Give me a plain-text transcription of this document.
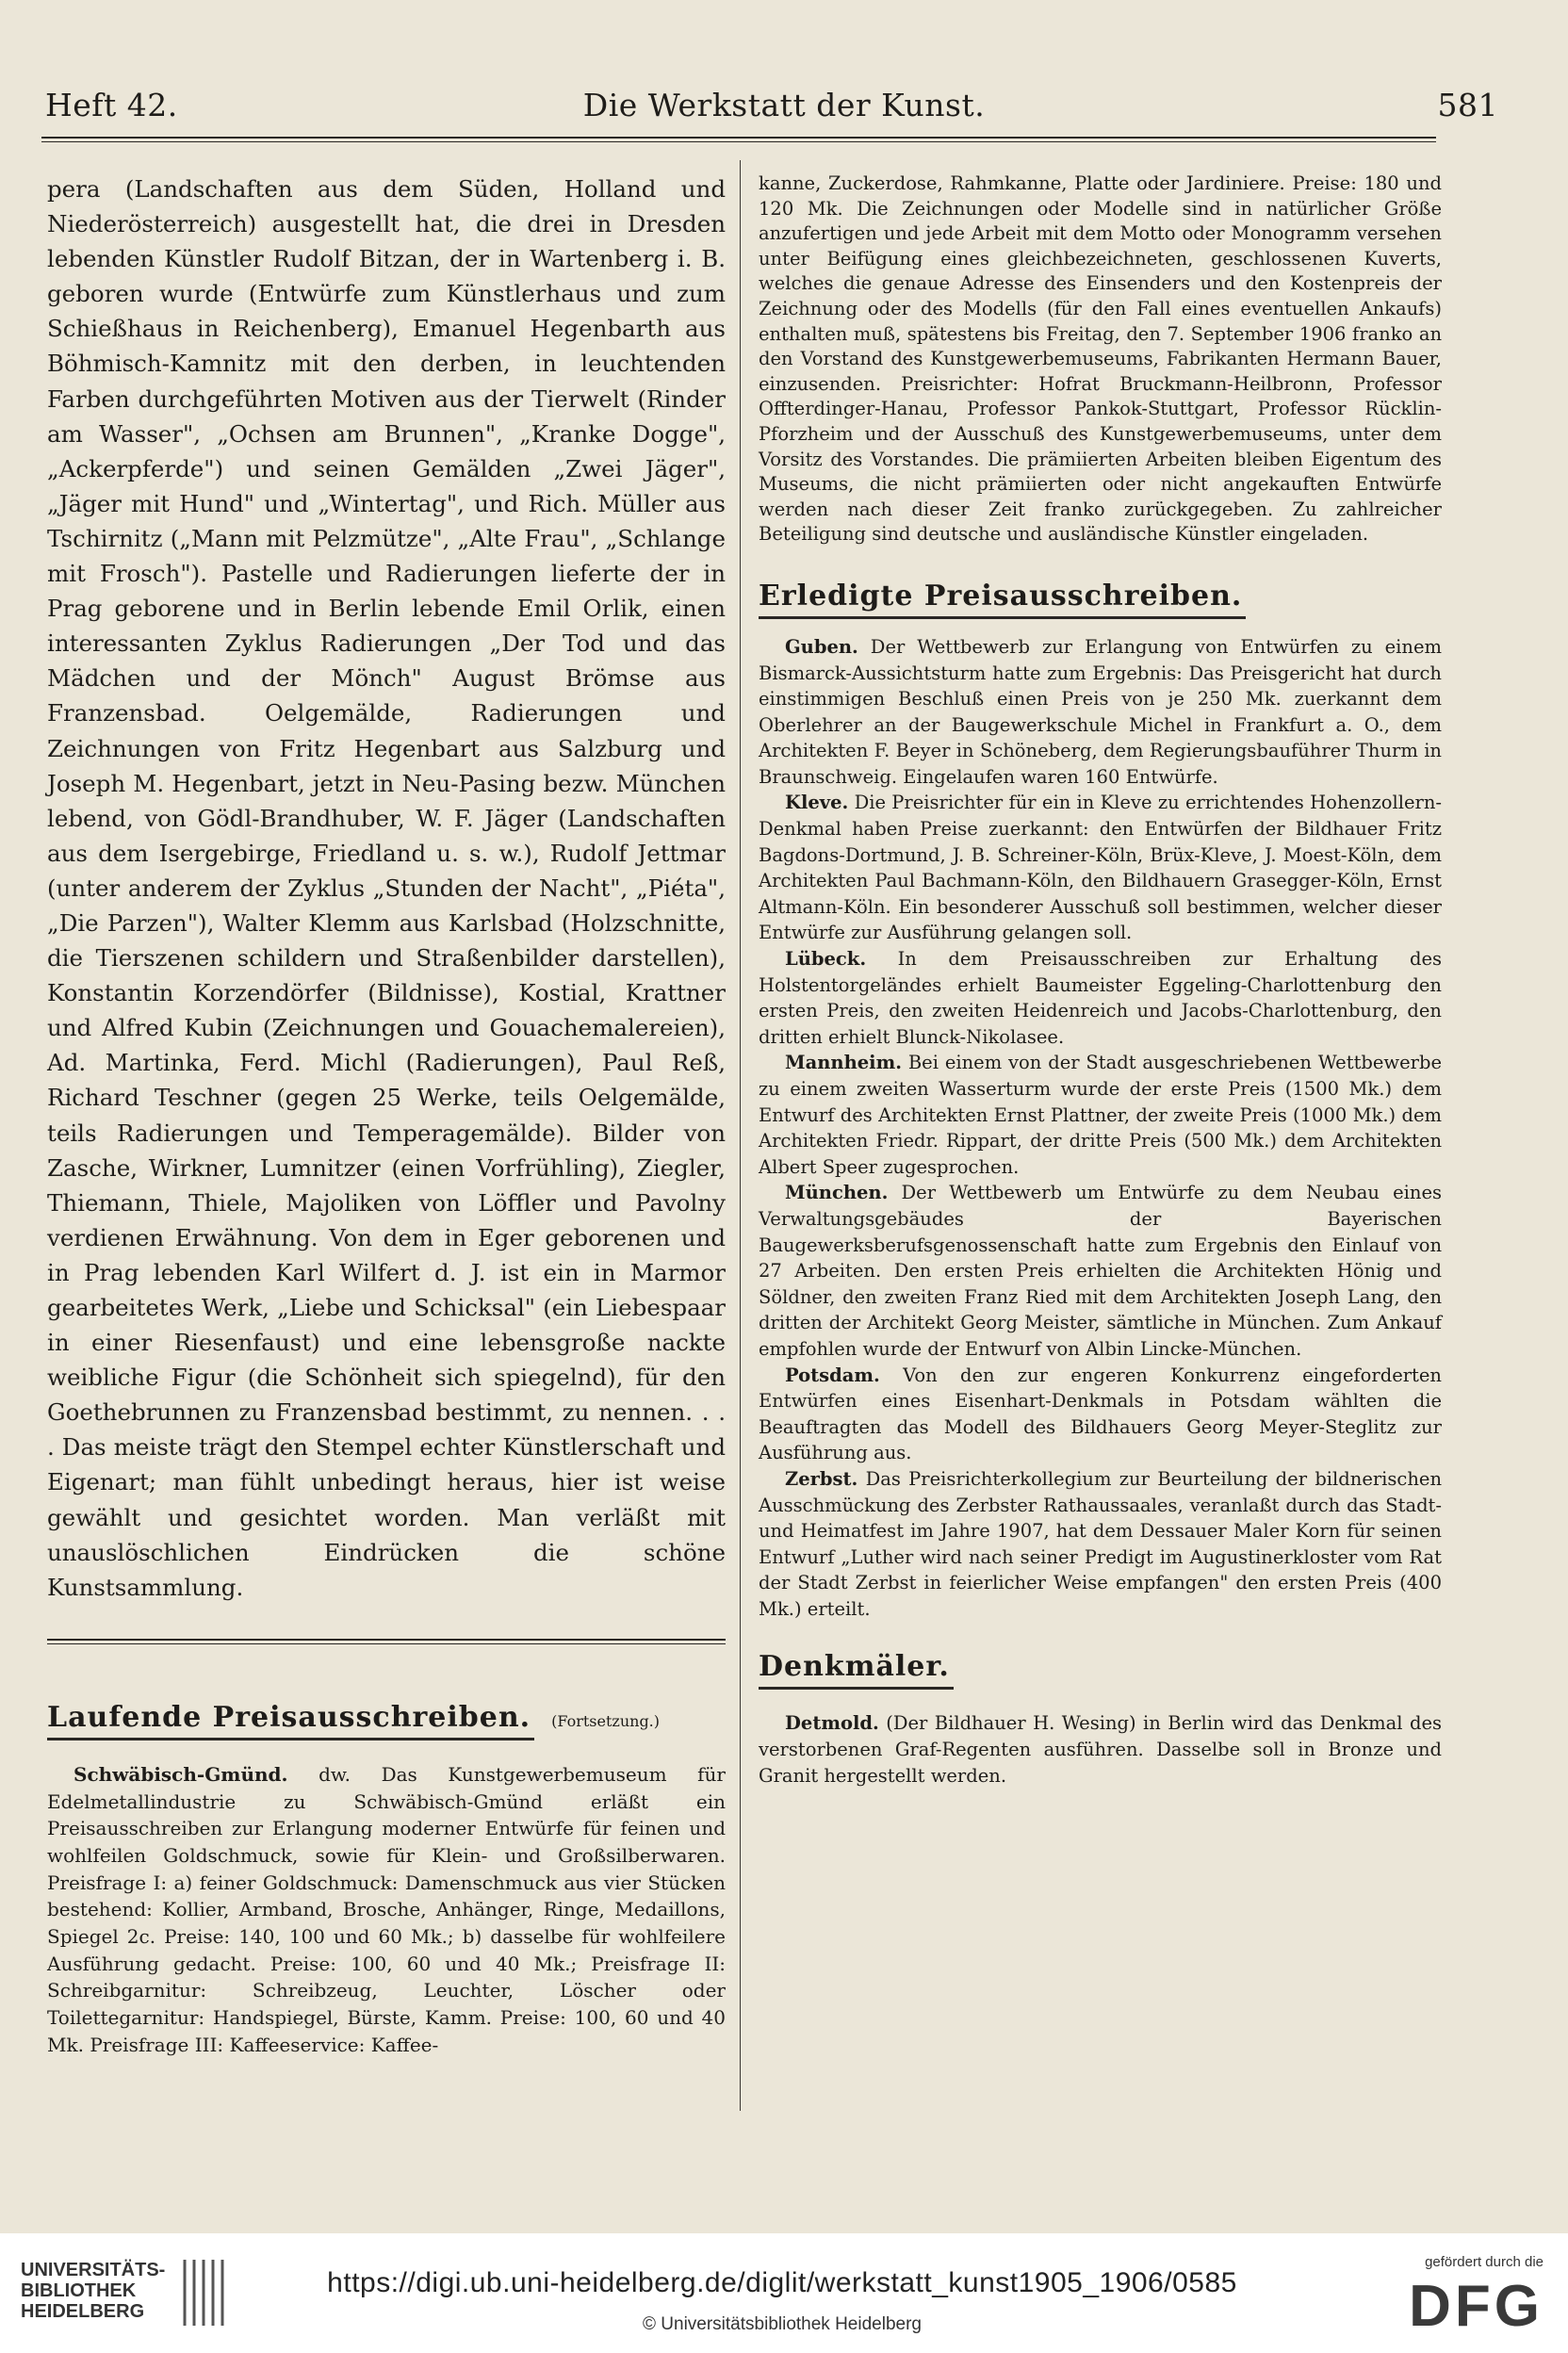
Heft 42.	Die Werkstatt der Kunst.	581

pera (Landschaften aus dem Süden, Holland und Niederösterreich) ausgestellt hat, die drei in Dresden lebenden Künstler Rudolf Bitzan, der in Wartenberg i. B. geboren wurde (Entwürfe zum Künstlerhaus und zum Schießhaus in Reichenberg), Emanuel Hegenbarth aus Böhmisch-Kamnitz mit den derben, in leuchtenden Farben durchgeführten Motiven aus der Tierwelt (Rinder am Wasser", „Ochsen am Brunnen", „Kranke Dogge", „Ackerpferde") und seinen Gemälden „Zwei Jäger", „Jäger mit Hund" und „Wintertag", und Rich. Müller aus Tschirnitz („Mann mit Pelzmütze", „Alte Frau", „Schlange mit Frosch"). Pastelle und Radierungen lieferte der in Prag geborene und in Berlin lebende Emil Orlik, einen interessanten Zyklus Radierungen „Der Tod und das Mädchen und der Mönch" August Brömse aus Franzensbad. Oelgemälde, Radierungen und Zeichnungen von Fritz Hegenbart aus Salzburg und Joseph M. Hegenbart, jetzt in Neu-Pasing bezw. München lebend, von Gödl-Brandhuber, W. F. Jäger (Landschaften aus dem Isergebirge, Friedland u. s. w.), Rudolf Jettmar (unter anderem der Zyklus „Stunden der Nacht", „Piéta", „Die Parzen"), Walter Klemm aus Karlsbad (Holzschnitte, die Tierszenen schildern und Straßenbilder darstellen), Konstantin Korzendörfer (Bildnisse), Kostial, Krattner und Alfred Kubin (Zeichnungen und Gouachemalereien), Ad. Martinka, Ferd. Michl (Radierungen), Paul Reß, Richard Teschner (gegen 25 Werke, teils Oelgemälde, teils Radierungen und Temperagemälde). Bilder von Zasche, Wirkner, Lumnitzer (einen Vorfrühling), Ziegler, Thiemann, Thiele, Majoliken von Löffler und Pavolny verdienen Erwähnung. Von dem in Eger geborenen und in Prag lebenden Karl Wilfert d. J. ist ein in Marmor gearbeitetes Werk, „Liebe und Schicksal" (ein Liebespaar in einer Riesenfaust) und eine lebensgroße nackte weibliche Figur (die Schönheit sich spiegelnd), für den Goethebrunnen zu Franzensbad bestimmt, zu nennen. . . . Das meiste trägt den Stempel echter Künstlerschaft und Eigenart; man fühlt unbedingt heraus, hier ist weise gewählt und gesichtet worden. Man verläßt mit unauslöschlichen Eindrücken die schöne Kunstsammlung.

Laufende Preisausschreiben. (Fortsetzung.)

Schwäbisch-Gmünd. dw. Das Kunstgewerbemuseum für Edelmetallindustrie zu Schwäbisch-Gmünd erläßt ein Preisausschreiben zur Erlangung moderner Entwürfe für feinen und wohlfeilen Goldschmuck, sowie für Klein- und Großsilberwaren. Preisfrage I: a) feiner Goldschmuck: Damenschmuck aus vier Stücken bestehend: Kollier, Armband, Brosche, Anhänger, Ringe, Medaillons, Spiegel 2c. Preise: 140, 100 und 60 Mk.; b) dasselbe für wohlfeilere Ausführung gedacht. Preise: 100, 60 und 40 Mk.; Preisfrage II: Schreibgarnitur: Schreibzeug, Leuchter, Löscher oder Toilettegarnitur: Handspiegel, Bürste, Kamm. Preise: 100, 60 und 40 Mk. Preisfrage III: Kaffeeservice: Kaffee-

kanne, Zuckerdose, Rahmkanne, Platte oder Jardiniere. Preise: 180 und 120 Mk. Die Zeichnungen oder Modelle sind in natürlicher Größe anzufertigen und jede Arbeit mit dem Motto oder Monogramm versehen unter Beifügung eines gleichbezeichneten, geschlossenen Kuverts, welches die genaue Adresse des Einsenders und den Kostenpreis der Zeichnung oder des Modells (für den Fall eines eventuellen Ankaufs) enthalten muß, spätestens bis Freitag, den 7. September 1906 franko an den Vorstand des Kunstgewerbemuseums, Fabrikanten Hermann Bauer, einzusenden. Preisrichter: Hofrat Bruckmann-Heilbronn, Professor Offterdinger-Hanau, Professor Pankok-Stuttgart, Professor Rücklin-Pforzheim und der Ausschuß des Kunstgewerbemuseums, unter dem Vorsitz des Vorstandes. Die prämiierten Arbeiten bleiben Eigentum des Museums, die nicht prämiierten oder nicht angekauften Entwürfe werden nach dieser Zeit franko zurückgegeben. Zu zahlreicher Beteiligung sind deutsche und ausländische Künstler eingeladen.

Erledigte Preisausschreiben.

Guben. Der Wettbewerb zur Erlangung von Entwürfen zu einem Bismarck-Aussichtsturm hatte zum Ergebnis: Das Preisgericht hat durch einstimmigen Beschluß einen Preis von je 250 Mk. zuerkannt dem Oberlehrer an der Baugewerkschule Michel in Frankfurt a. O., dem Architekten F. Beyer in Schöneberg, dem Regierungsbauführer Thurm in Braunschweig. Eingelaufen waren 160 Entwürfe.

Kleve. Die Preisrichter für ein in Kleve zu errichtendes Hohenzollern-Denkmal haben Preise zuerkannt: den Entwürfen der Bildhauer Fritz Bagdons-Dortmund, J. B. Schreiner-Köln, Brüx-Kleve, J. Moest-Köln, dem Architekten Paul Bachmann-Köln, den Bildhauern Grasegger-Köln, Ernst Altmann-Köln. Ein besonderer Ausschuß soll bestimmen, welcher dieser Entwürfe zur Ausführung gelangen soll.

Lübeck. In dem Preisausschreiben zur Erhaltung des Holstentorgeländes erhielt Baumeister Eggeling-Charlottenburg den ersten Preis, den zweiten Heidenreich und Jacobs-Charlottenburg, den dritten erhielt Blunck-Nikolasee.

Mannheim. Bei einem von der Stadt ausgeschriebenen Wettbewerbe zu einem zweiten Wasserturm wurde der erste Preis (1500 Mk.) dem Entwurf des Architekten Ernst Plattner, der zweite Preis (1000 Mk.) dem Architekten Friedr. Rippart, der dritte Preis (500 Mk.) dem Architekten Albert Speer zugesprochen.

München. Der Wettbewerb um Entwürfe zu dem Neubau eines Verwaltungsgebäudes der Bayerischen Baugewerksberufsgenossenschaft hatte zum Ergebnis den Einlauf von 27 Arbeiten. Den ersten Preis erhielten die Architekten Hönig und Söldner, den zweiten Franz Ried mit dem Architekten Joseph Lang, den dritten der Architekt Georg Meister, sämtliche in München. Zum Ankauf empfohlen wurde der Entwurf von Albin Lincke-München.

Potsdam. Von den zur engeren Konkurrenz eingeforderten Entwürfen eines Eisenhart-Denkmals in Potsdam wählten die Beauftragten das Modell des Bildhauers Georg Meyer-Steglitz zur Ausführung aus.

Zerbst. Das Preisrichterkollegium zur Beurteilung der bildnerischen Ausschmückung des Zerbster Rathaussaales, veranlaßt durch das Stadt- und Heimatfest im Jahre 1907, hat dem Dessauer Maler Korn für seinen Entwurf „Luther wird nach seiner Predigt im Augustinerkloster vom Rat der Stadt Zerbst in feierlicher Weise empfangen" den ersten Preis (400 Mk.) erteilt.

Denkmäler.

Detmold. (Der Bildhauer H. Wesing) in Berlin wird das Denkmal des verstorbenen Graf-Regenten ausführen. Dasselbe soll in Bronze und Granit hergestellt werden.

UNIVERSITÄTS-
BIBLIOTHEK
HEIDELBERG
https://digi.ub.uni-heidelberg.de/diglit/werkstatt_kunst1905_1906/0585
© Universitätsbibliothek Heidelberg
gefördert durch die
DFG
